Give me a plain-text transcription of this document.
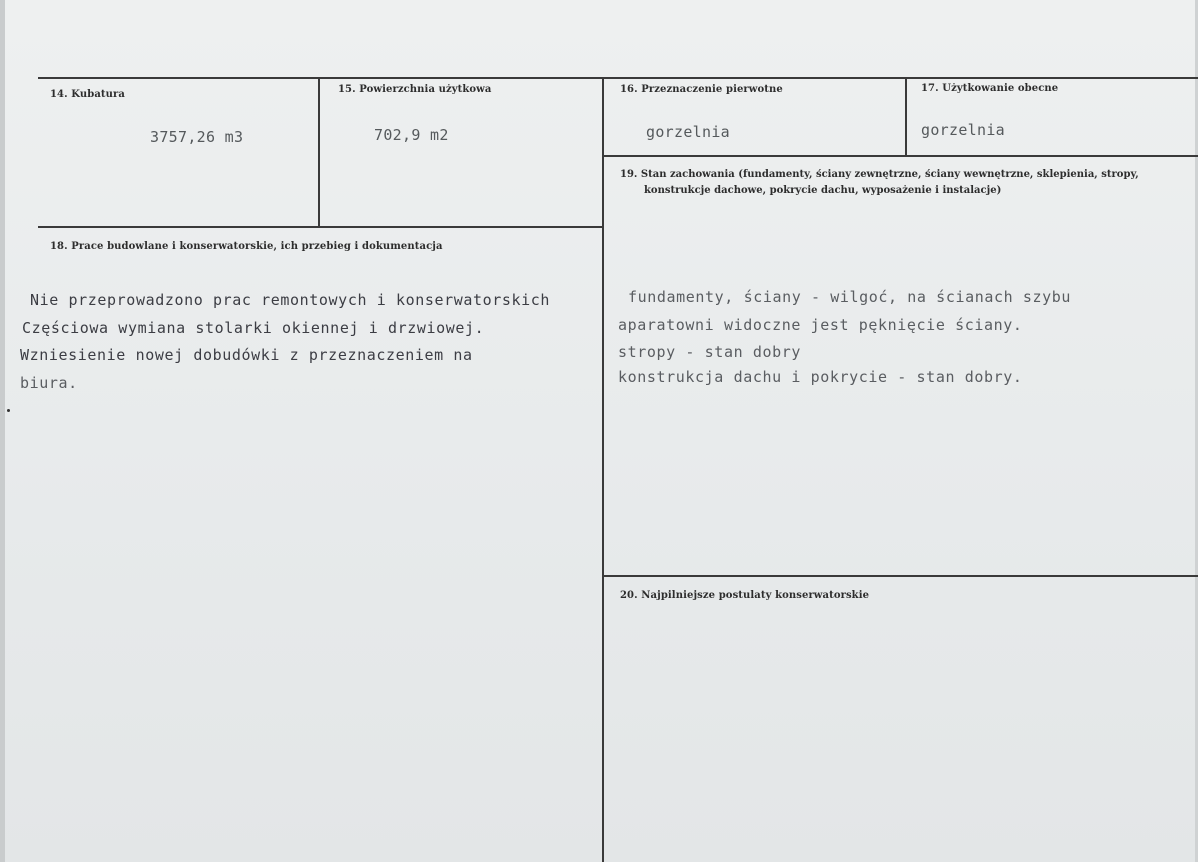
14. Kubatura
3757,26 m3
15. Powierzchnia użytkowa
702,9 m2
16. Przeznaczenie pierwotne
gorzelnia
17. Użytkowanie obecne
gorzelnia
18. Prace budowlane i konserwatorskie, ich przebieg i dokumentacja
Nie przeprowadzono prac remontowych i konserwatorskich
Częściowa wymiana stolarki okiennej i drzwiowej.
Wzniesienie nowej dobudówki z przeznaczeniem na
biura.
19. Stan zachowania (fundamenty, ściany zewnętrzne, ściany wewnętrzne, sklepienia, stropy,
konstrukcje dachowe, pokrycie dachu, wyposażenie i instalacje)
fundamenty, ściany - wilgoć, na ścianach szybu
aparatowni widoczne jest pęknięcie ściany.
stropy - stan dobry
konstrukcja dachu i pokrycie - stan dobry.
20. Najpilniejsze postulaty konserwatorskie
